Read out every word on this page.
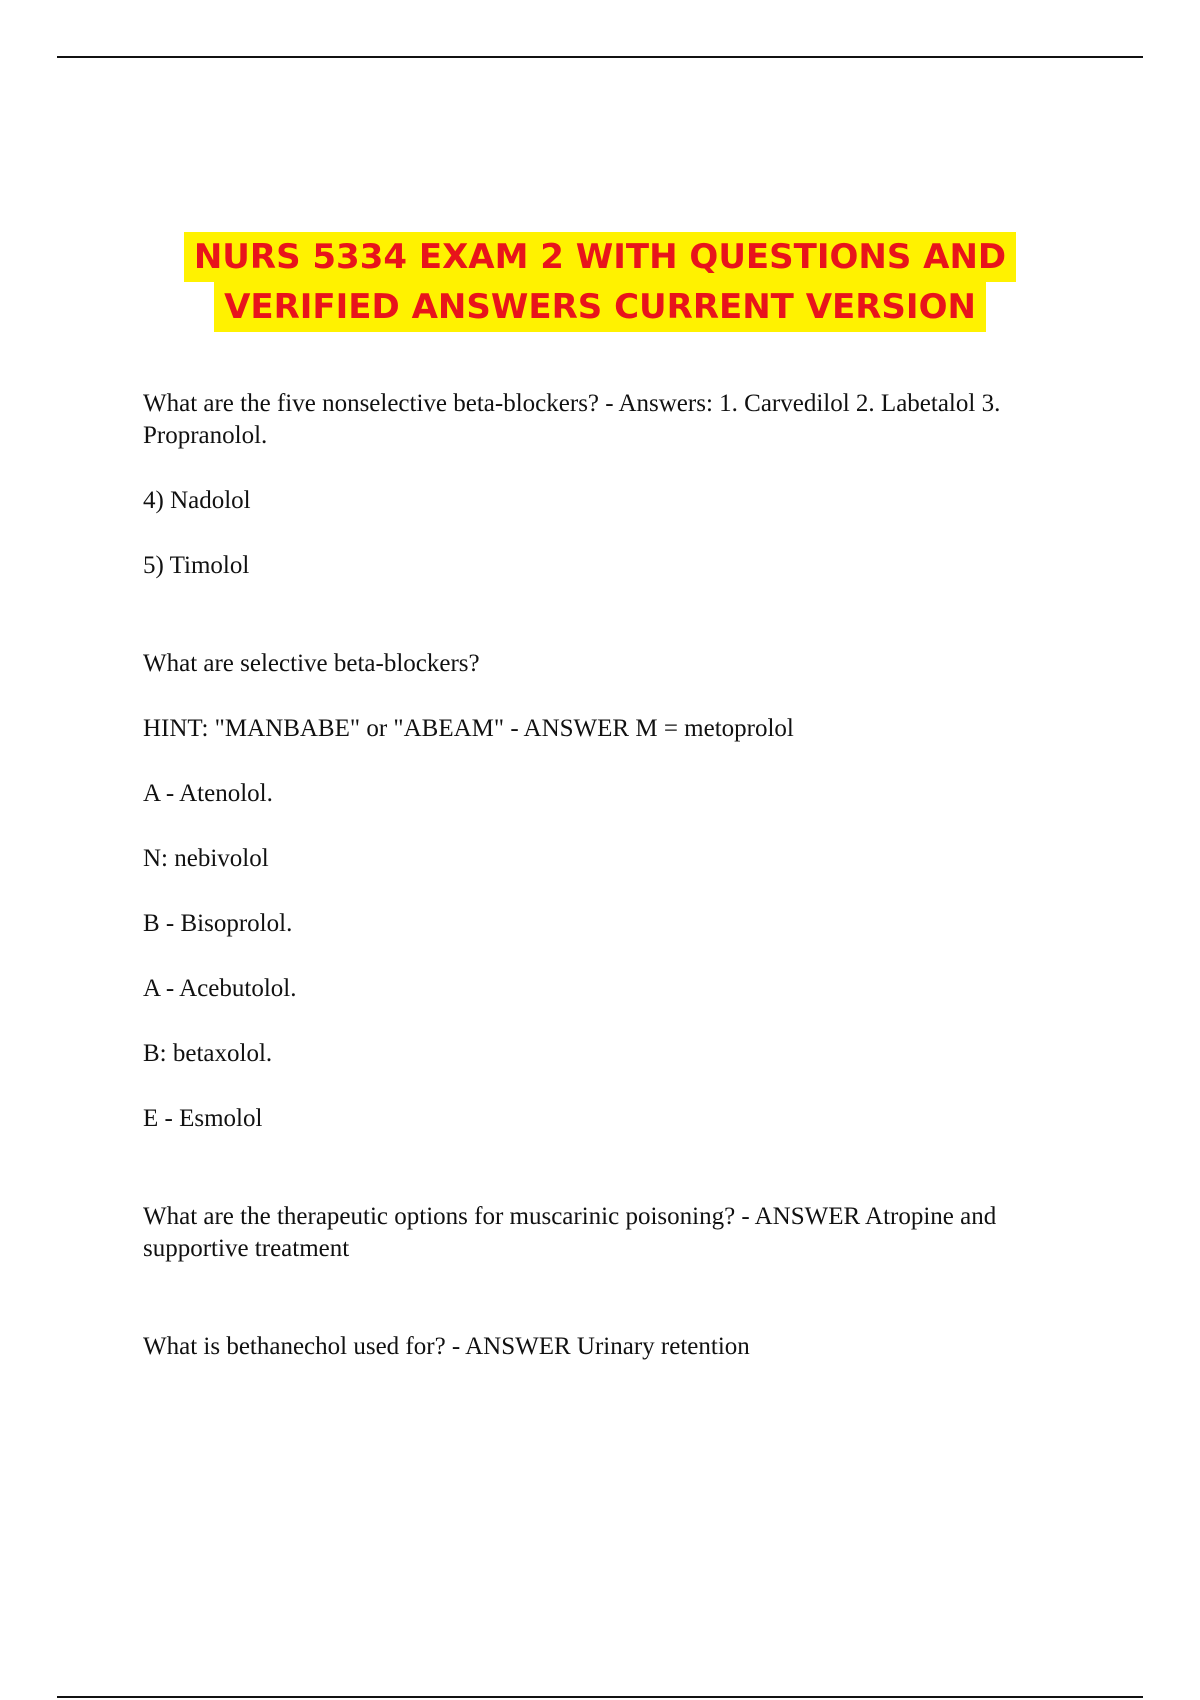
NURS 5334 EXAM 2 WITH QUESTIONS AND
VERIFIED ANSWERS CURRENT VERSION

What are the five nonselective beta-blockers? - Answers: 1. Carvedilol 2. Labetalol 3. Propranolol.

4) Nadolol

5) Timolol

What are selective beta-blockers?

HINT: "MANBABE" or "ABEAM" - ANSWER M = metoprolol

A - Atenolol.

N: nebivolol

B - Bisoprolol.

A - Acebutolol.

B: betaxolol.

E - Esmolol

What are the therapeutic options for muscarinic poisoning? - ANSWER Atropine and supportive treatment

What is bethanechol used for? - ANSWER Urinary retention
